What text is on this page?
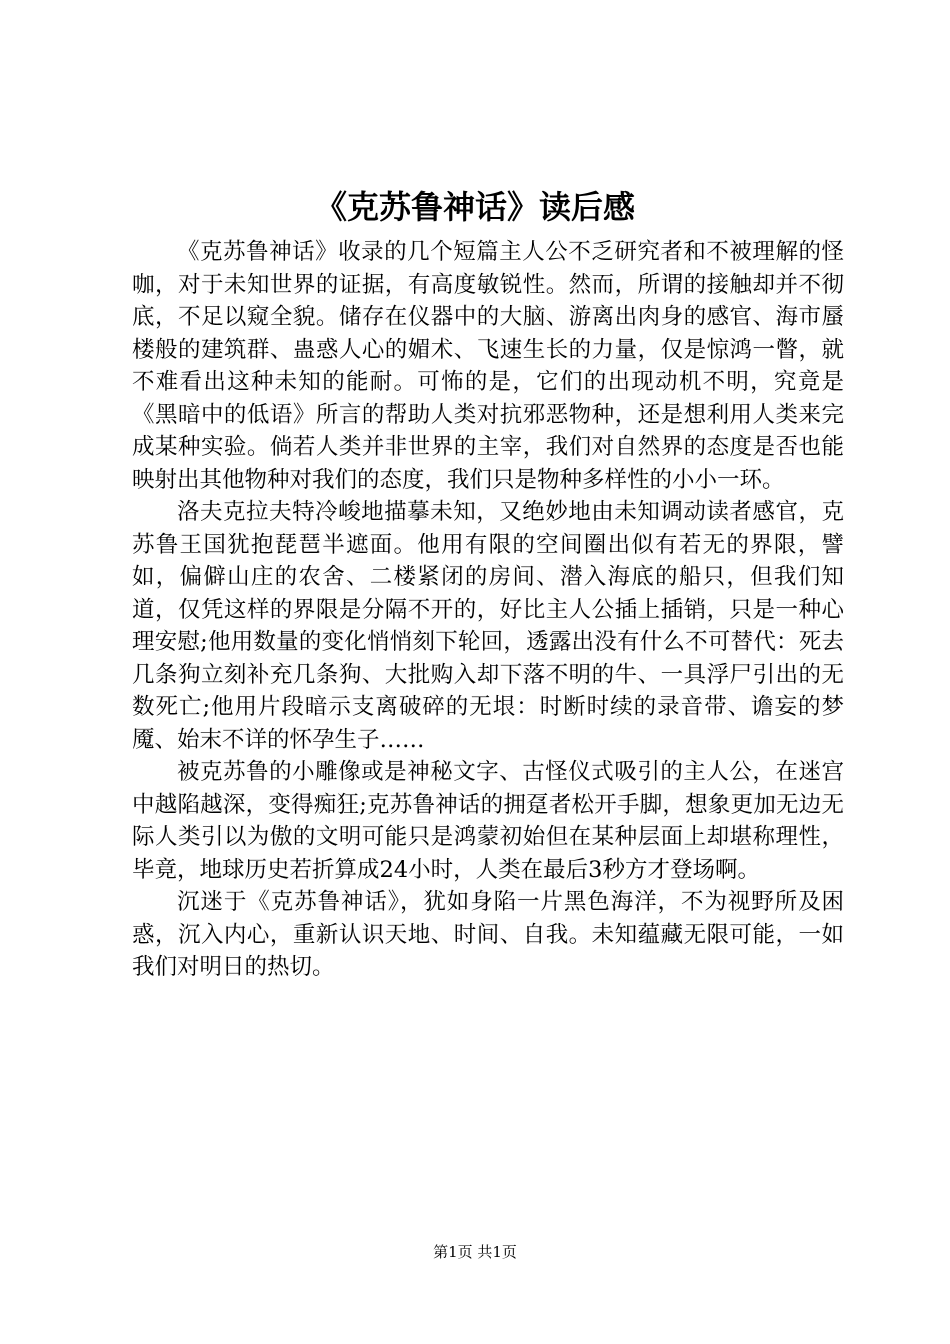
《克苏鲁神话》读后感

《克苏鲁神话》收录的几个短篇主人公不乏研究者和不被理解的怪咖，对于未知世界的证据，有高度敏锐性。然而，所谓的接触却并不彻底，不足以窥全貌。储存在仪器中的大脑、游离出肉身的感官、海市蜃楼般的建筑群、蛊惑人心的媚术、飞速生长的力量，仅是惊鸿一瞥，就不难看出这种未知的能耐。可怖的是，它们的出现动机不明，究竟是《黑暗中的低语》所言的帮助人类对抗邪恶物种，还是想利用人类来完成某种实验。倘若人类并非世界的主宰，我们对自然界的态度是否也能映射出其他物种对我们的态度，我们只是物种多样性的小小一环。

洛夫克拉夫特冷峻地描摹未知，又绝妙地由未知调动读者感官，克苏鲁王国犹抱琵琶半遮面。他用有限的空间圈出似有若无的界限，譬如，偏僻山庄的农舍、二楼紧闭的房间、潜入海底的船只，但我们知道，仅凭这样的界限是分隔不开的，好比主人公插上插销，只是一种心理安慰;他用数量的变化悄悄刻下轮回，透露出没有什么不可替代：死去几条狗立刻补充几条狗、大批购入却下落不明的牛、一具浮尸引出的无数死亡;他用片段暗示支离破碎的无垠：时断时续的录音带、谵妄的梦魇、始末不详的怀孕生子……

被克苏鲁的小雕像或是神秘文字、古怪仪式吸引的主人公，在迷宫中越陷越深，变得痴狂;克苏鲁神话的拥趸者松开手脚，想象更加无边无际人类引以为傲的文明可能只是鸿蒙初始但在某种层面上却堪称理性，毕竟，地球历史若折算成24小时，人类在最后3秒方才登场啊。

沉迷于《克苏鲁神话》，犹如身陷一片黑色海洋，不为视野所及困惑，沉入内心，重新认识天地、时间、自我。未知蕴藏无限可能，一如我们对明日的热切。

第1页 共1页
